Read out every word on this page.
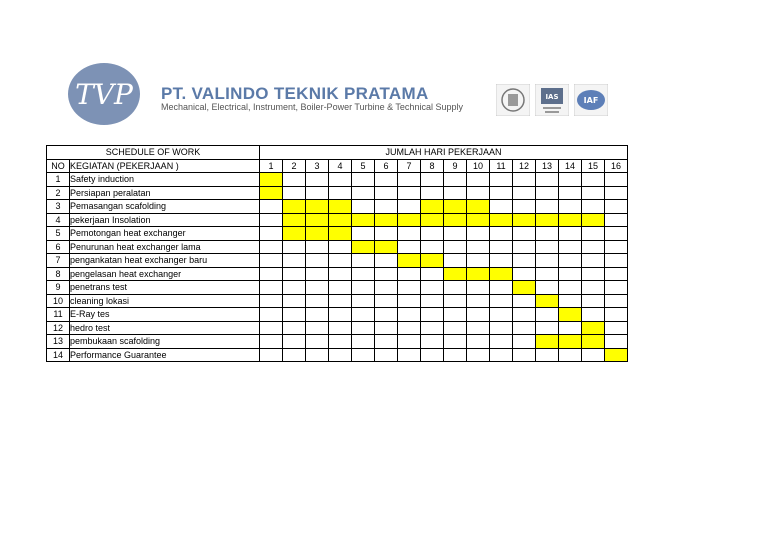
TVP PT. VALINDO TEKNIK PRATAMA
Mechanical, Electrical, Instrument, Boiler-Power Turbine & Technical Supply
IAS	IAF
SCHEDULE OF WORK		JUMLAH HARI PEKERJAAN															
NO	KEGIATAN (PEKERJAAN )	1	2	3	4	5	6	7	8	9	10	11	12	13	14	15	16
1	Safety induction																
2	Persiapan peralatan																
3	Pemasangan scafolding																
4	pekerjaan Insolation																
5	Pemotongan heat exchanger																
6	Penurunan heat exchanger lama																
7	pengankatan heat exchanger baru																
8	pengelasan heat exchanger																
9	penetrans test																
10	cleaning lokasi																
11	E-Ray tes																
12	hedro test																
13	pembukaan scafolding																
14	Performance Guarantee																
